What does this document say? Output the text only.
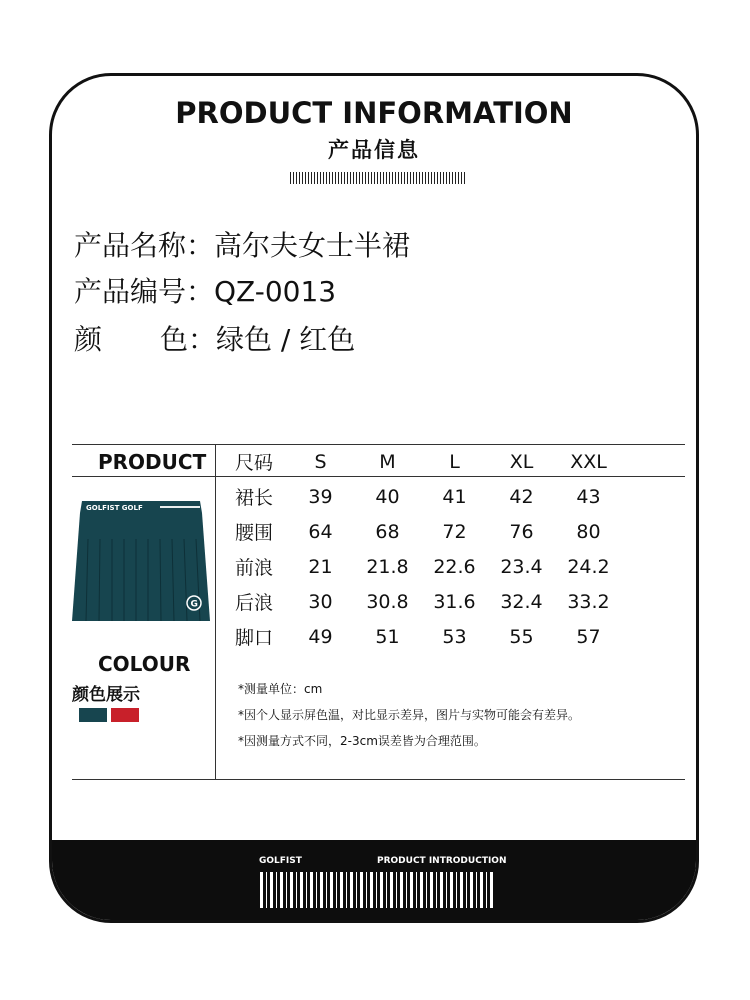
PRODUCT INFORMATION
产品信息
产品名称：高尔夫女士半裙
产品编号：QZ-0013
颜 色：绿色 / 红色
PRODUCT	尺码	S	M	L	XL	XXL
裙长	39	40	41	42	43
腰围	64	68	72	76	80
前浪	21	21.8	22.6	23.4	24.2
后浪	30	30.8	31.6	32.4	33.2
脚口	49	51	53	55	57
GOLFIST GOLF
G
COLOUR
颜色展示	*测量单位：cm
*因个人显示屏色温，对比显示差异，图片与实物可能会有差异。
*因测量方式不同，2-3cm误差皆为合理范围。
GOLFIST	PRODUCT INTRODUCTION
